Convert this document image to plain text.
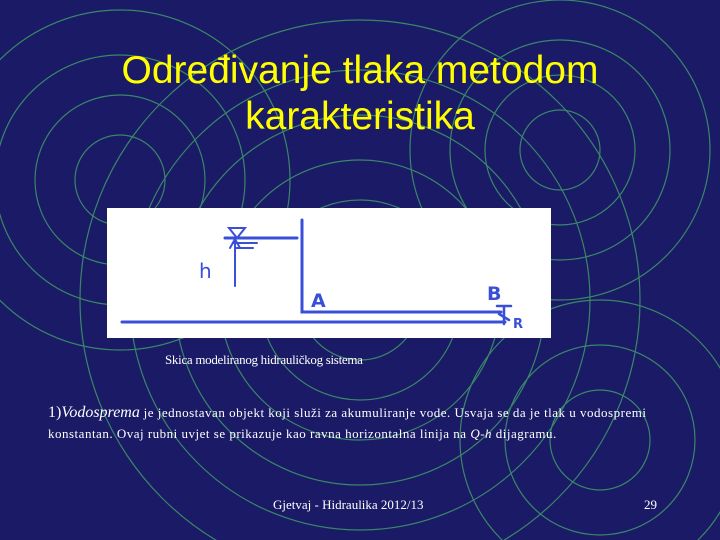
Određivanje tlaka metodom
karakteristika
h
A	B
R
Skica modeliranog hidrauličkog sistema
1)Vodosprema je jednostavan objekt koji služi za akumuliranje vode. Usvaja se da je tlak u vodospremi konstantan. Ovaj rubni uvjet se prikazuje kao ravna horizontalna linija na Q-h dijagramu.
Gjetvaj - Hidraulika 2012/13	29
